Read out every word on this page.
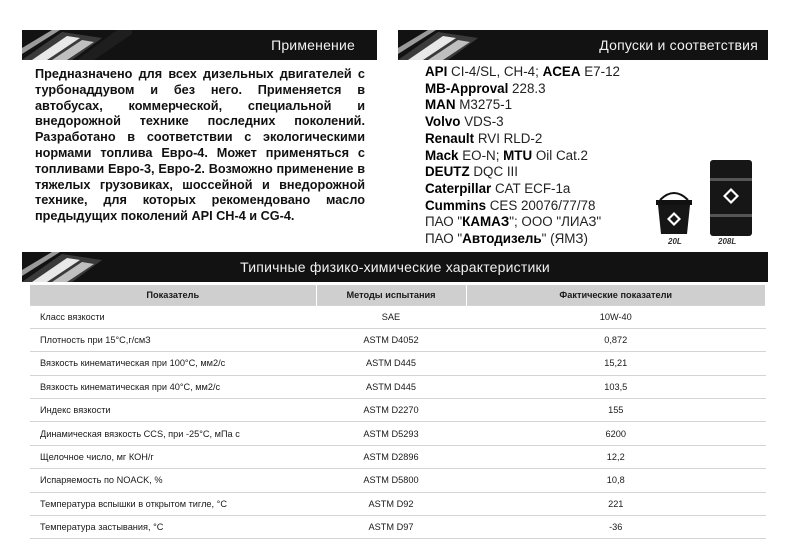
Применение	Допуски и соответствия

Предназначено для всех дизельных двигателей с турбонаддувом и без него. Применяется в автобусах, коммерческой, специальной и внедорожной технике последних поколений. Разработано в соответствии с экологическими нормами топлива Евро-4. Может применяться с топливами Евро-3, Евро-2. Возможно применение в тяжелых грузовиках, шоссейной и внедорожной технике, для которых рекомендовано масло предыдущих поколений API CH-4 и CG-4.

API CI-4/SL, CH-4; ACEA E7-12
MB-Approval 228.3
MAN M3275-1
Volvo VDS-3
Renault RVI RLD-2
Mack EO-N; MTU Oil Cat.2
DEUTZ DQC III
Caterpillar CAT ECF-1a
Cummins CES 20076/77/78
ПАО "КАМАЗ"; ООО "ЛИАЗ"
ПАО "Автодизель" (ЯМЗ)	20L	208L
Типичные физико-химические характеристики
Показатель	Методы испытания	Фактические показатели
Класс вязкости	SAE	10W-40
Плотность при 15°С,г/смЗ	ASTM D4052	0,872
Вязкость кинематическая при 100°С, мм2/с	ASTM D445	15,21
Вязкость кинематическая при 40°С, мм2/с	ASTM D445	103,5
Индекс вязкости	ASTM D2270	155
Динамическая вязкость CCS, при -25°С, мПа с	ASTM D5293	6200
Щелочное число, мг КОН/г	ASTM D2896	12,2
Испаряемость по NOACK, %	ASTM D5800	10,8
Температура вспышки в открытом тигле, °С	ASTM D92	221
Температура застывания, °С	ASTM D97	-36
